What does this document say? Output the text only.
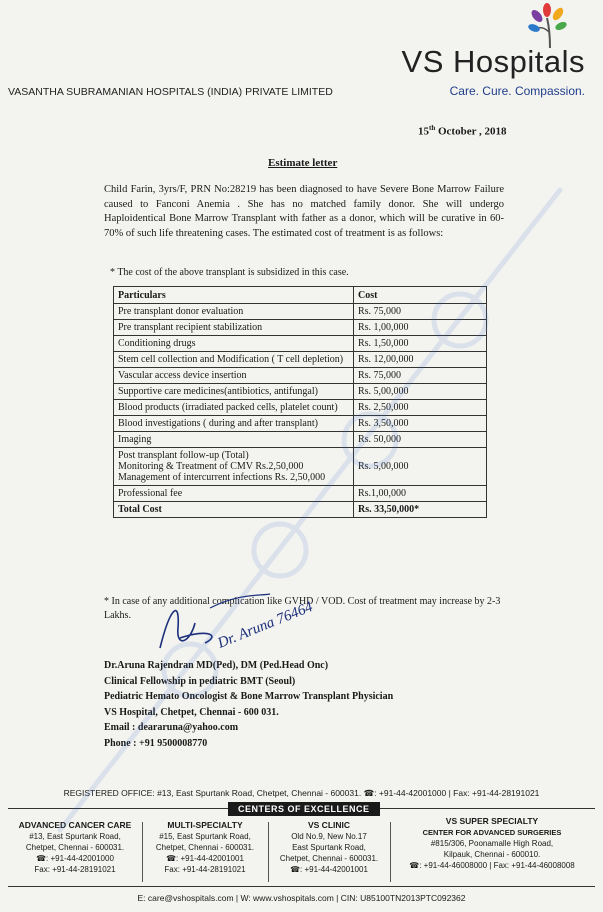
VS Hospitals
Care. Cure. Compassion.
VASANTHA SUBRAMANIAN HOSPITALS (INDIA) PRIVATE LIMITED
15th October , 2018
Estimate letter
Child Farin, 3yrs/F, PRN No:28219 has been diagnosed to have Severe Bone Marrow Failure caused to Fanconi Anemia . She has no matched family donor. She will undergo Haploidentical Bone Marrow Transplant with father as a donor, which will be curative in 60-70% of such life threatening cases. The estimated cost of treatment is as follows:
* The cost of the above transplant is subsidized in this case.
Particulars	Cost
Pre transplant donor evaluation	Rs. 75,000
Pre transplant recipient stabilization	Rs. 1,00,000
Conditioning drugs	Rs. 1,50,000
Stem cell collection and Modification ( T cell depletion)	Rs. 12,00,000
Vascular access device insertion	Rs. 75,000
Supportive care medicines(antibiotics, antifungal)	Rs. 5,00,000
Blood products (irradiated packed cells, platelet count)	Rs. 2,50,000
Blood investigations ( during and after transplant)	Rs. 3,50,000
Imaging	Rs. 50,000
Post transplant follow-up (Total)
Monitoring & Treatment of CMV Rs.2,50,000
Management of intercurrent infections Rs. 2,50,000	Rs. 5,00,000
Professional fee	Rs.1,00,000
Total Cost	Rs. 33,50,000*
* In case of any additional complication like GVHD / VOD. Cost of treatment may increase by 2-3 Lakhs.	Dr. Aruna 76464
Dr.Aruna Rajendran MD(Ped), DM (Ped.Head Onc)
Clinical Fellowship in pediatric BMT (Seoul)
Pediatric Hemato Oncologist & Bone Marrow Transplant Physician
VS Hospital, Chetpet, Chennai - 600 031.
Email : deararuna@yahoo.com
Phone : +91 9500008770
REGISTERED OFFICE: #13, East Spurtank Road, Chetpet, Chennai - 600031. ☎: +91-44-42001000 | Fax: +91-44-28191021
CENTERS OF EXCELLENCE
ADVANCED CANCER CARE
#13, East Spurtank Road,
Chetpet, Chennai - 600031.
☎: +91-44-42001000
Fax: +91-44-28191021
MULTI-SPECIALTY
#15, East Spurtank Road,
Chetpet, Chennai - 600031.
☎: +91-44-42001001
Fax: +91-44-28191021
VS CLINIC
Old No.9, New No.17
East Spurtank Road,
Chetpet, Chennai - 600031.
☎: +91-44-42001001
VS SUPER SPECIALTY
CENTER FOR ADVANCED SURGERIES
#815/306, Poonamalle High Road,
Kilpauk, Chennai - 600010.
☎: +91-44-46008000 | Fax: +91-44-46008008
E: care@vshospitals.com | W: www.vshospitals.com | CIN: U85100TN2013PTC092362
